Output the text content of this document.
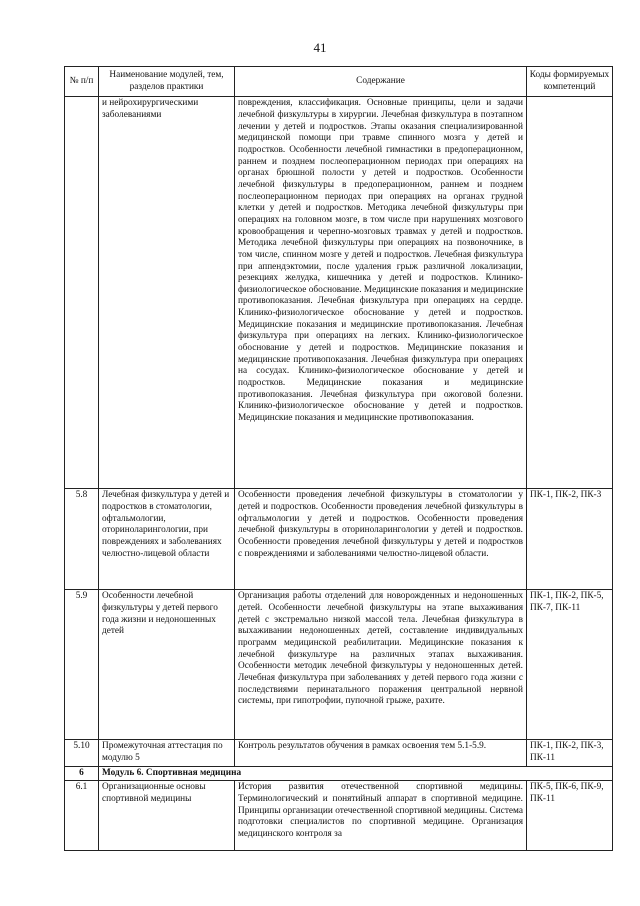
41
№ п/п	Наименование модулей, тем, разделов практики	Содержание	Коды формируемых компетенций
	и нейрохирургическими заболеваниями	повреждения, классификация. Основные принципы, цели и задачи лечебной физкультуры в хирургии. Лечебная физкультура в поэтапном лечении у детей и подростков. Этапы оказания специализированной медицинской помощи при травме спинного мозга у детей и подростков. Особенности лечебной гимнастики в предоперационном, раннем и позднем послеоперационном периодах при операциях на органах брюшной полости у детей и подростков. Особенности лечебной физкультуры в предоперационном, раннем и позднем послеоперационном периодах при операциях на органах грудной клетки у детей и подростков. Методика лечебной физкультуры при операциях на головном мозге, в том числе при нарушениях мозгового кровообращения и черепно-мозговых травмах у детей и подростков. Методика лечебной физкультуры при операциях на позвоночнике, в том числе, спинном мозге у детей и подростков. Лечебная физкультура при аппендэктомии, после удаления грыж различной локализации, резекциях желудка, кишечника у детей и подростков. Клинико-физиологическое обоснование. Медицинские показания и медицинские противопоказания. Лечебная физкультура при операциях на сердце. Клинико-физиологическое обоснование у детей и подростков. Медицинские показания и медицинские противопоказания. Лечебная физкультура при операциях на легких. Клинико-физиологическое обоснование у детей и подростков. Медицинские показания и медицинские противопоказания. Лечебная физкультура при операциях на сосудах. Клинико-физиологическое обоснование у детей и подростков. Медицинские показания и медицинские противопоказания. Лечебная физкультура при ожоговой болезни. Клинико-физиологическое обоснование у детей и подростков. Медицинские показания и медицинские противопоказания.	
5.8	Лечебная физкультура у детей и подростков в стоматологии, офтальмологии, оториноларингологии, при повреждениях и заболеваниях челюстно-лицевой области	Особенности проведения лечебной физкультуры в стоматологии у детей и подростков. Особенности проведения лечебной физкультуры в офтальмологии у детей и подростков. Особенности проведения лечебной физкультуры в оториноларингологии у детей и подростков. Особенности проведения лечебной физкультуры у детей и подростков с повреждениями и заболеваниями челюстно-лицевой области.	ПК-1, ПК-2, ПК-3
5.9	Особенности лечебной физкультуры у детей первого года жизни и недоношенных детей	Организация работы отделений для новорожденных и недоношенных детей. Особенности лечебной физкультуры на этапе выхаживания детей с экстремально низкой массой тела. Лечебная физкультура в выхаживании недоношенных детей, составление индивидуальных программ медицинской реабилитации. Медицинские показания к лечебной физкультуре на различных этапах выхаживания. Особенности методик лечебной физкультуры у недоношенных детей. Лечебная физкультура при заболеваниях у детей первого года жизни с последствиями перинатального поражения центральной нервной системы, при гипотрофии, пупочной грыже, рахите.	ПК-1, ПК-2, ПК-5, ПК-7, ПК-11
5.10	Промежуточная аттестация по модулю 5	Контроль результатов обучения в рамках освоения тем 5.1-5.9.	ПК-1, ПК-2, ПК-3, ПК-11
6	Модуль 6. Спортивная медицина		
6.1	Организационные основы спортивной медицины	История развития отечественной спортивной медицины. Терминологический и понятийный аппарат в спортивной медицине. Принципы организации отечественной спортивной медицины. Система подготовки специалистов по спортивной медицине. Организация медицинского контроля за	ПК-5, ПК-6, ПК-9, ПК-11
